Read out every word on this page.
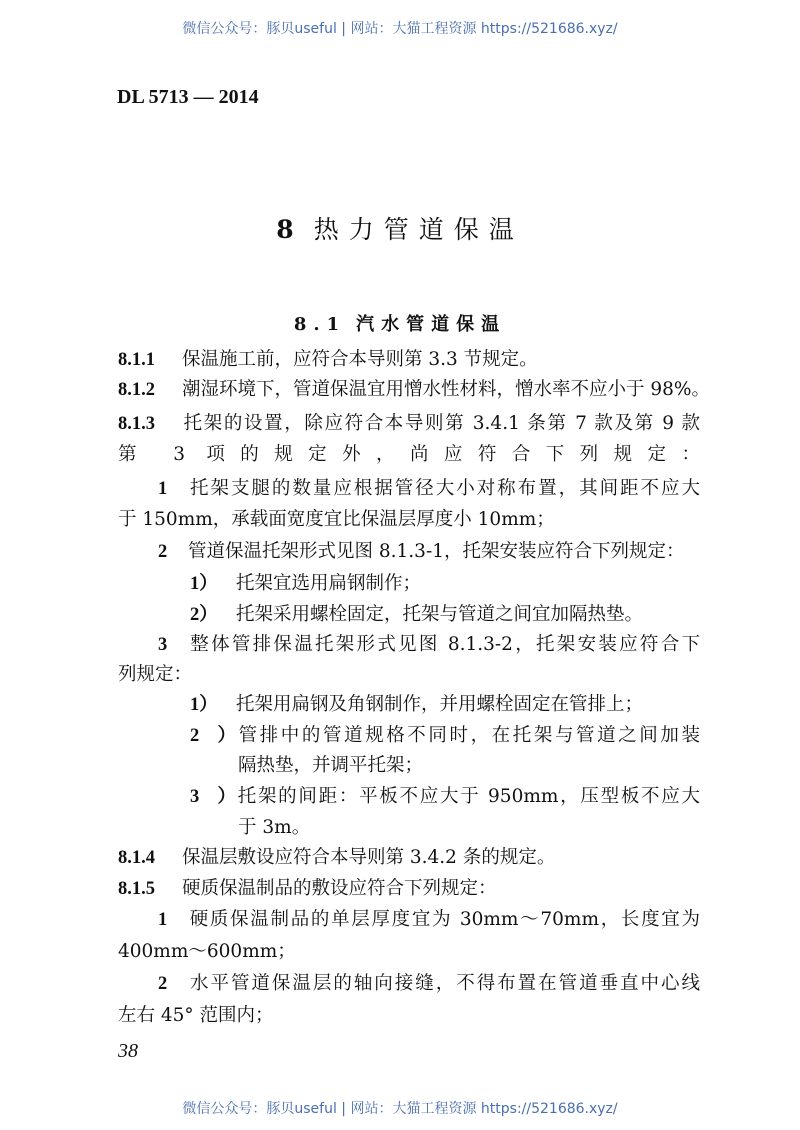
微信公众号：豚贝useful | 网站：大猫工程资源 https://521686.xyz/
DL 5713 — 2014
8 热力管道保温
8.1 汽水管道保温
8.1.1 保温施工前，应符合本导则第 3.3 节规定。
8.1.2 潮湿环境下，管道保温宜用憎水性材料，憎水率不应小于 98%。
8.1.3 托架的设置，除应符合本导则第 3.4.1 条第 7 款及第 9 款
第 3 项的规定外，尚应符合下列规定：
1 托架支腿的数量应根据管径大小对称布置，其间距不应大
于 150mm，承载面宽度宜比保温层厚度小 10mm；
2 管道保温托架形式见图 8.1.3-1，托架安装应符合下列规定：
1） 托架宜选用扁钢制作；
2） 托架采用螺栓固定，托架与管道之间宜加隔热垫。
3 整体管排保温托架形式见图 8.1.3-2，托架安装应符合下
列规定：
1） 托架用扁钢及角钢制作，并用螺栓固定在管排上；
2）管排中的管道规格不同时，在托架与管道之间加装
隔热垫，并调平托架；
3）托架的间距：平板不应大于 950mm，压型板不应大
于 3m。
8.1.4 保温层敷设应符合本导则第 3.4.2 条的规定。
8.1.5 硬质保温制品的敷设应符合下列规定：
1 硬质保温制品的单层厚度宜为 30mm～70mm，长度宜为
400mm～600mm；
2 水平管道保温层的轴向接缝，不得布置在管道垂直中心线
左右 45° 范围内；
38
微信公众号：豚贝useful | 网站：大猫工程资源 https://521686.xyz/
